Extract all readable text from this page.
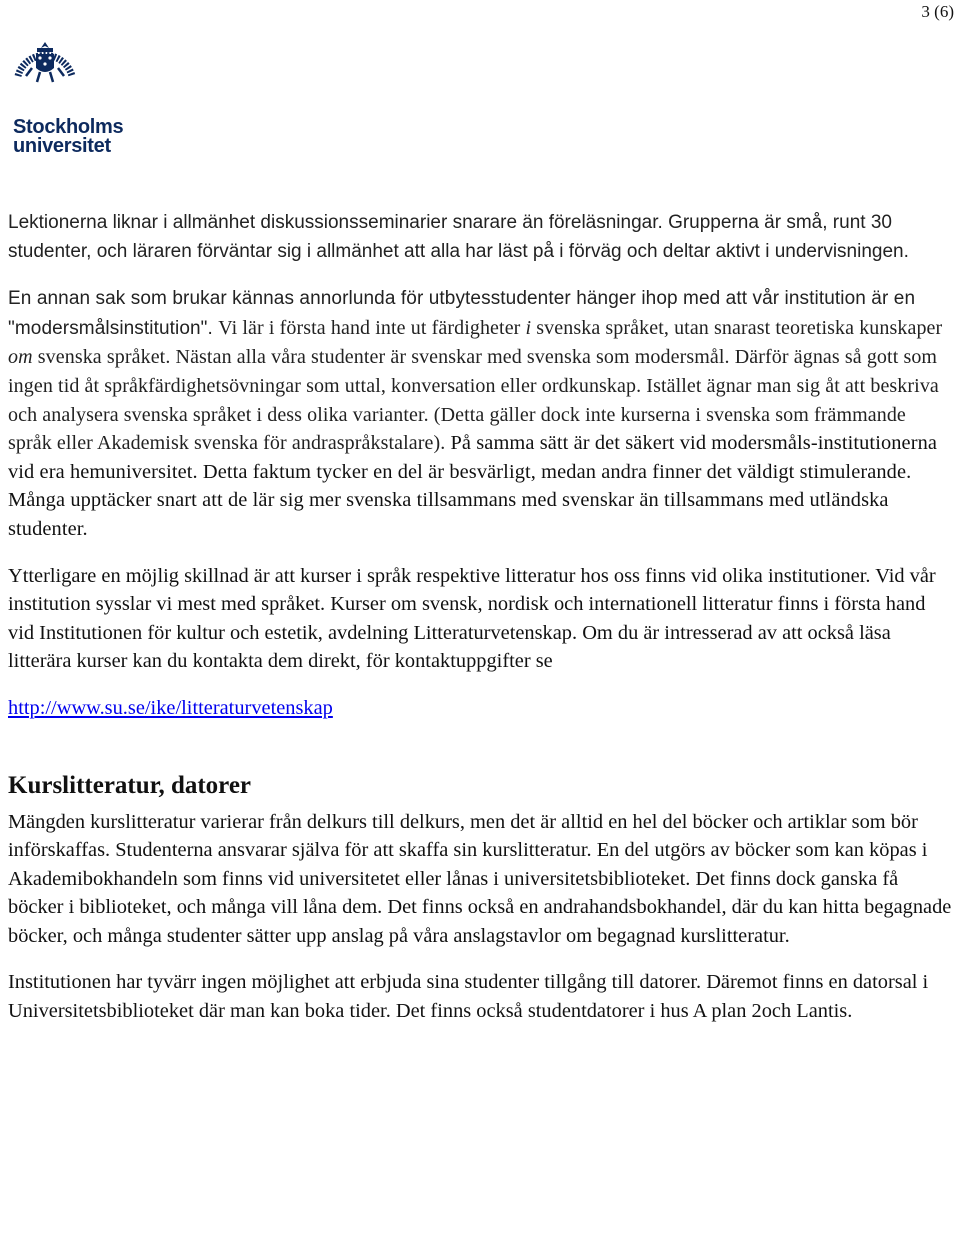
3 (6)
Stockholms
universitet

Lektionerna liknar i allmänhet diskussionsseminarier snarare än föreläsningar. Grupperna är små, runt 30 studenter, och läraren förväntar sig i allmänhet att alla har läst på i förväg och deltar aktivt i undervisningen.

En annan sak som brukar kännas annorlunda för utbytesstudenter hänger ihop med att vår institution är en "modersmålsinstitution". Vi lär i första hand inte ut färdigheter i svenska språket, utan snarast teoretiska kunskaper om svenska språket. Nästan alla våra studenter är svenskar med svenska som modersmål. Därför ägnas så gott som ingen tid åt språkfärdighetsövningar som uttal, konversation eller ordkunskap. Istället ägnar man sig åt att beskriva och analysera svenska språket i dess olika varianter. (Detta gäller dock inte kurserna i svenska som främmande språk eller Akademisk svenska för andraspråkstalare). På samma sätt är det säkert vid modersmåls-institutionerna vid era hemuniversitet. Detta faktum tycker en del är besvärligt, medan andra finner det väldigt stimulerande. Många upptäcker snart att de lär sig mer svenska tillsammans med svenskar än tillsammans med utländska studenter.

Ytterligare en möjlig skillnad är att kurser i språk respektive litteratur hos oss finns vid olika institutioner. Vid vår institution sysslar vi mest med språket. Kurser om svensk, nordisk och internationell litteratur finns i första hand vid Institutionen för kultur och estetik, avdelning Litteraturvetenskap. Om du är intresserad av att också läsa litterära kurser kan du kontakta dem direkt, för kontaktuppgifter se

http://www.su.se/ike/litteraturvetenskap

Kurslitteratur, datorer

Mängden kurslitteratur varierar från delkurs till delkurs, men det är alltid en hel del böcker och artiklar som bör införskaffas. Studenterna ansvarar själva för att skaffa sin kurslitteratur. En del utgörs av böcker som kan köpas i Akademibokhandeln som finns vid universitetet eller lånas i universitetsbiblioteket. Det finns dock ganska få böcker i biblioteket, och många vill låna dem. Det finns också en andrahandsbokhandel, där du kan hitta begagnade böcker, och många studenter sätter upp anslag på våra anslagstavlor om begagnad kurslitteratur.

Institutionen har tyvärr ingen möjlighet att erbjuda sina studenter tillgång till datorer. Däremot finns en datorsal i Universitetsbiblioteket där man kan boka tider. Det finns också studentdatorer i hus A plan 2och Lantis.
